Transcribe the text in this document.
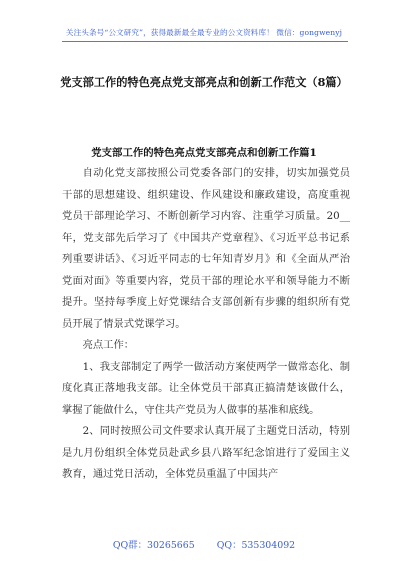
关注头条号“公文研究”，获得最新最全最专业的公文资料库！ 微信：gongwenyj
党支部工作的特色亮点党支部亮点和创新工作范文（8篇）
党支部工作的特色亮点党支部亮点和创新工作篇1

自动化党支部按照公司党委各部门的安排，切实加强党员干部的思想建设、组织建设、作风建设和廉政建设，高度重视党员干部理论学习、不断创新学习内容、注重学习质量。20__年，党支部先后学习了《中国共产党章程》、《习近平总书记系列重要讲话》、《习近平同志的七年知青岁月》和《全面从严治党面对面》等重要内容，党员干部的理论水平和领导能力不断提升。坚持每季度上好党课结合支部创新有步骤的组织所有党员开展了情景式党课学习。

亮点工作：

1、我支部制定了两学一做活动方案使两学一做常态化、制度化真正落地我支部。让全体党员干部真正搞清楚该做什么，掌握了能做什么，守住共产党员为人做事的基准和底线。

2、同时按照公司文件要求认真开展了主题党日活动，特别是九月份组织全体党员赴武乡县八路军纪念馆进行了爱国主义教育，通过党日活动，全体党员重温了中国共产

QQ群：30265665 QQ：535304092
